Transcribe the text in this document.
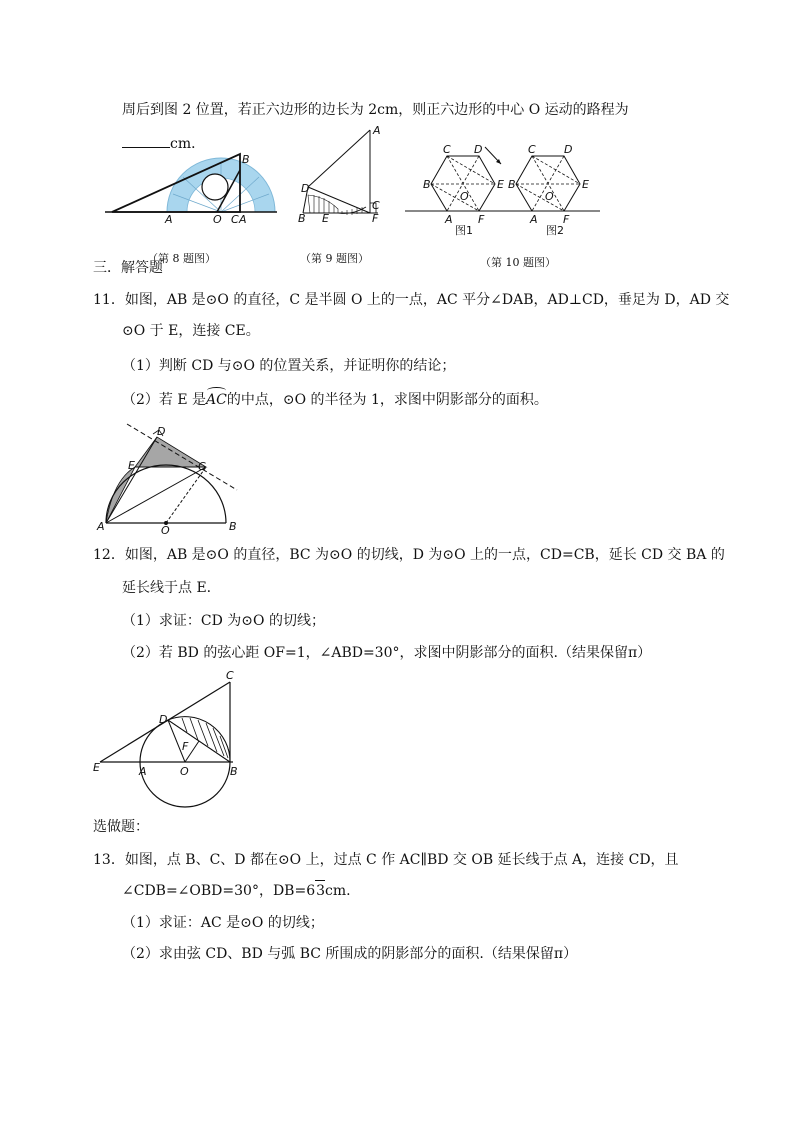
周后到图 2 位置，若正六边形的边长为 2cm，则正六边形的中心 O 运动的路程为
cm．
B
A	O C A
（第 8 题图）
A
D
B E
C
F
（第 9 题图）
C D
B	E
O
A F
C	D
B	E
O
A F
图1	图2
（第 10 题图）
三．解答题
11．如图，AB 是⊙O 的直径，C 是半圆 O 上的一点，AC 平分∠DAB，AD⊥CD，垂足为 D，AD 交
⊙O 于 E，连接 CE。
（1）判断 CD 与⊙O 的位置关系，并证明你的结论；
（2）若 E 是AC的中点，⊙O 的半径为 1，求图中阴影部分的面积。
D
E	C
A	O	B
12．如图，AB 是⊙O 的直径，BC 为⊙O 的切线，D 为⊙O 上的一点，CD=CB，延长 CD 交 BA 的
延长线于点 E.
（1）求证：CD 为⊙O 的切线；
（2）若 BD 的弦心距 OF=1，∠ABD=30°，求图中阴影部分的面积.（结果保留π）
C
D
F
E	A	O	B
选做题：
13．如图，点 B、C、D 都在⊙O 上，过点 C 作 AC∥BD 交 OB 延长线于点 A，连接 CD，且
∠CDB=∠OBD=30°，DB=63cm.
（1）求证：AC 是⊙O 的切线；
（2）求由弦 CD、BD 与弧 BC 所围成的阴影部分的面积.（结果保留π）
